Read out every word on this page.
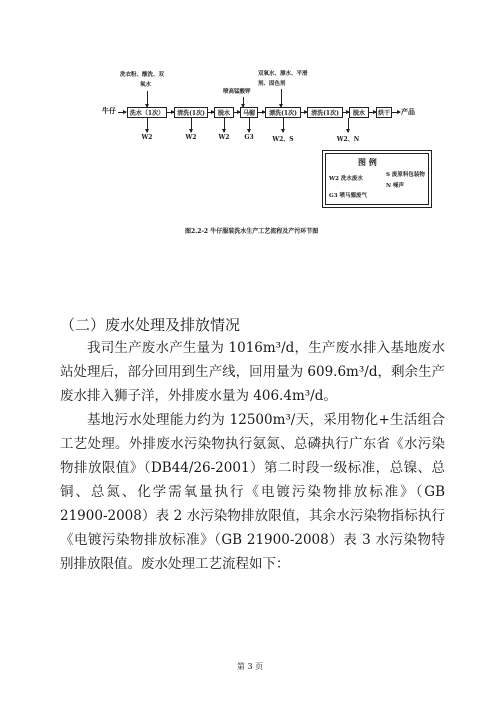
洗衣粉、酸洗、双
氧水
喷高锰酸钾
双氧水、漂水、平滑
剂、固色剂
牛仔	洗水（1次）	清洗(1次)	脱水	马骝	漂洗(1次)	清洗(1次)	脱水	烘干 产品
W2	W2	W2	G3	W2、S	W2、N
图 例
W2 洗水废水
S 废原料包装物
N 噪声
G3 喷马骝废气
图2.2-2 牛仔服装洗水生产工艺流程及产污环节图
（二）废水处理及排放情况

我司生产废水产生量为 1016m³/d，生产废水排入基地废水站处理后，部分回用到生产线，回用量为 609.6m³/d，剩余生产废水排入狮子洋，外排废水量为 406.4m³/d。

基地污水处理能力约为 12500m³/天，采用物化+生活组合工艺处理。外排废水污染物执行氨氮、总磷执行广东省《水污染物排放限值》（DB44/26-2001）第二时段一级标准，总镍、总铜、总氮、化学需氧量执行《电镀污染物排放标准》（GB 21900-2008）表 2 水污染物排放限值，其余水污染物指标执行《电镀污染物排放标准》（GB 21900-2008）表 3 水污染物特别排放限值。废水处理工艺流程如下：

第 3 页
